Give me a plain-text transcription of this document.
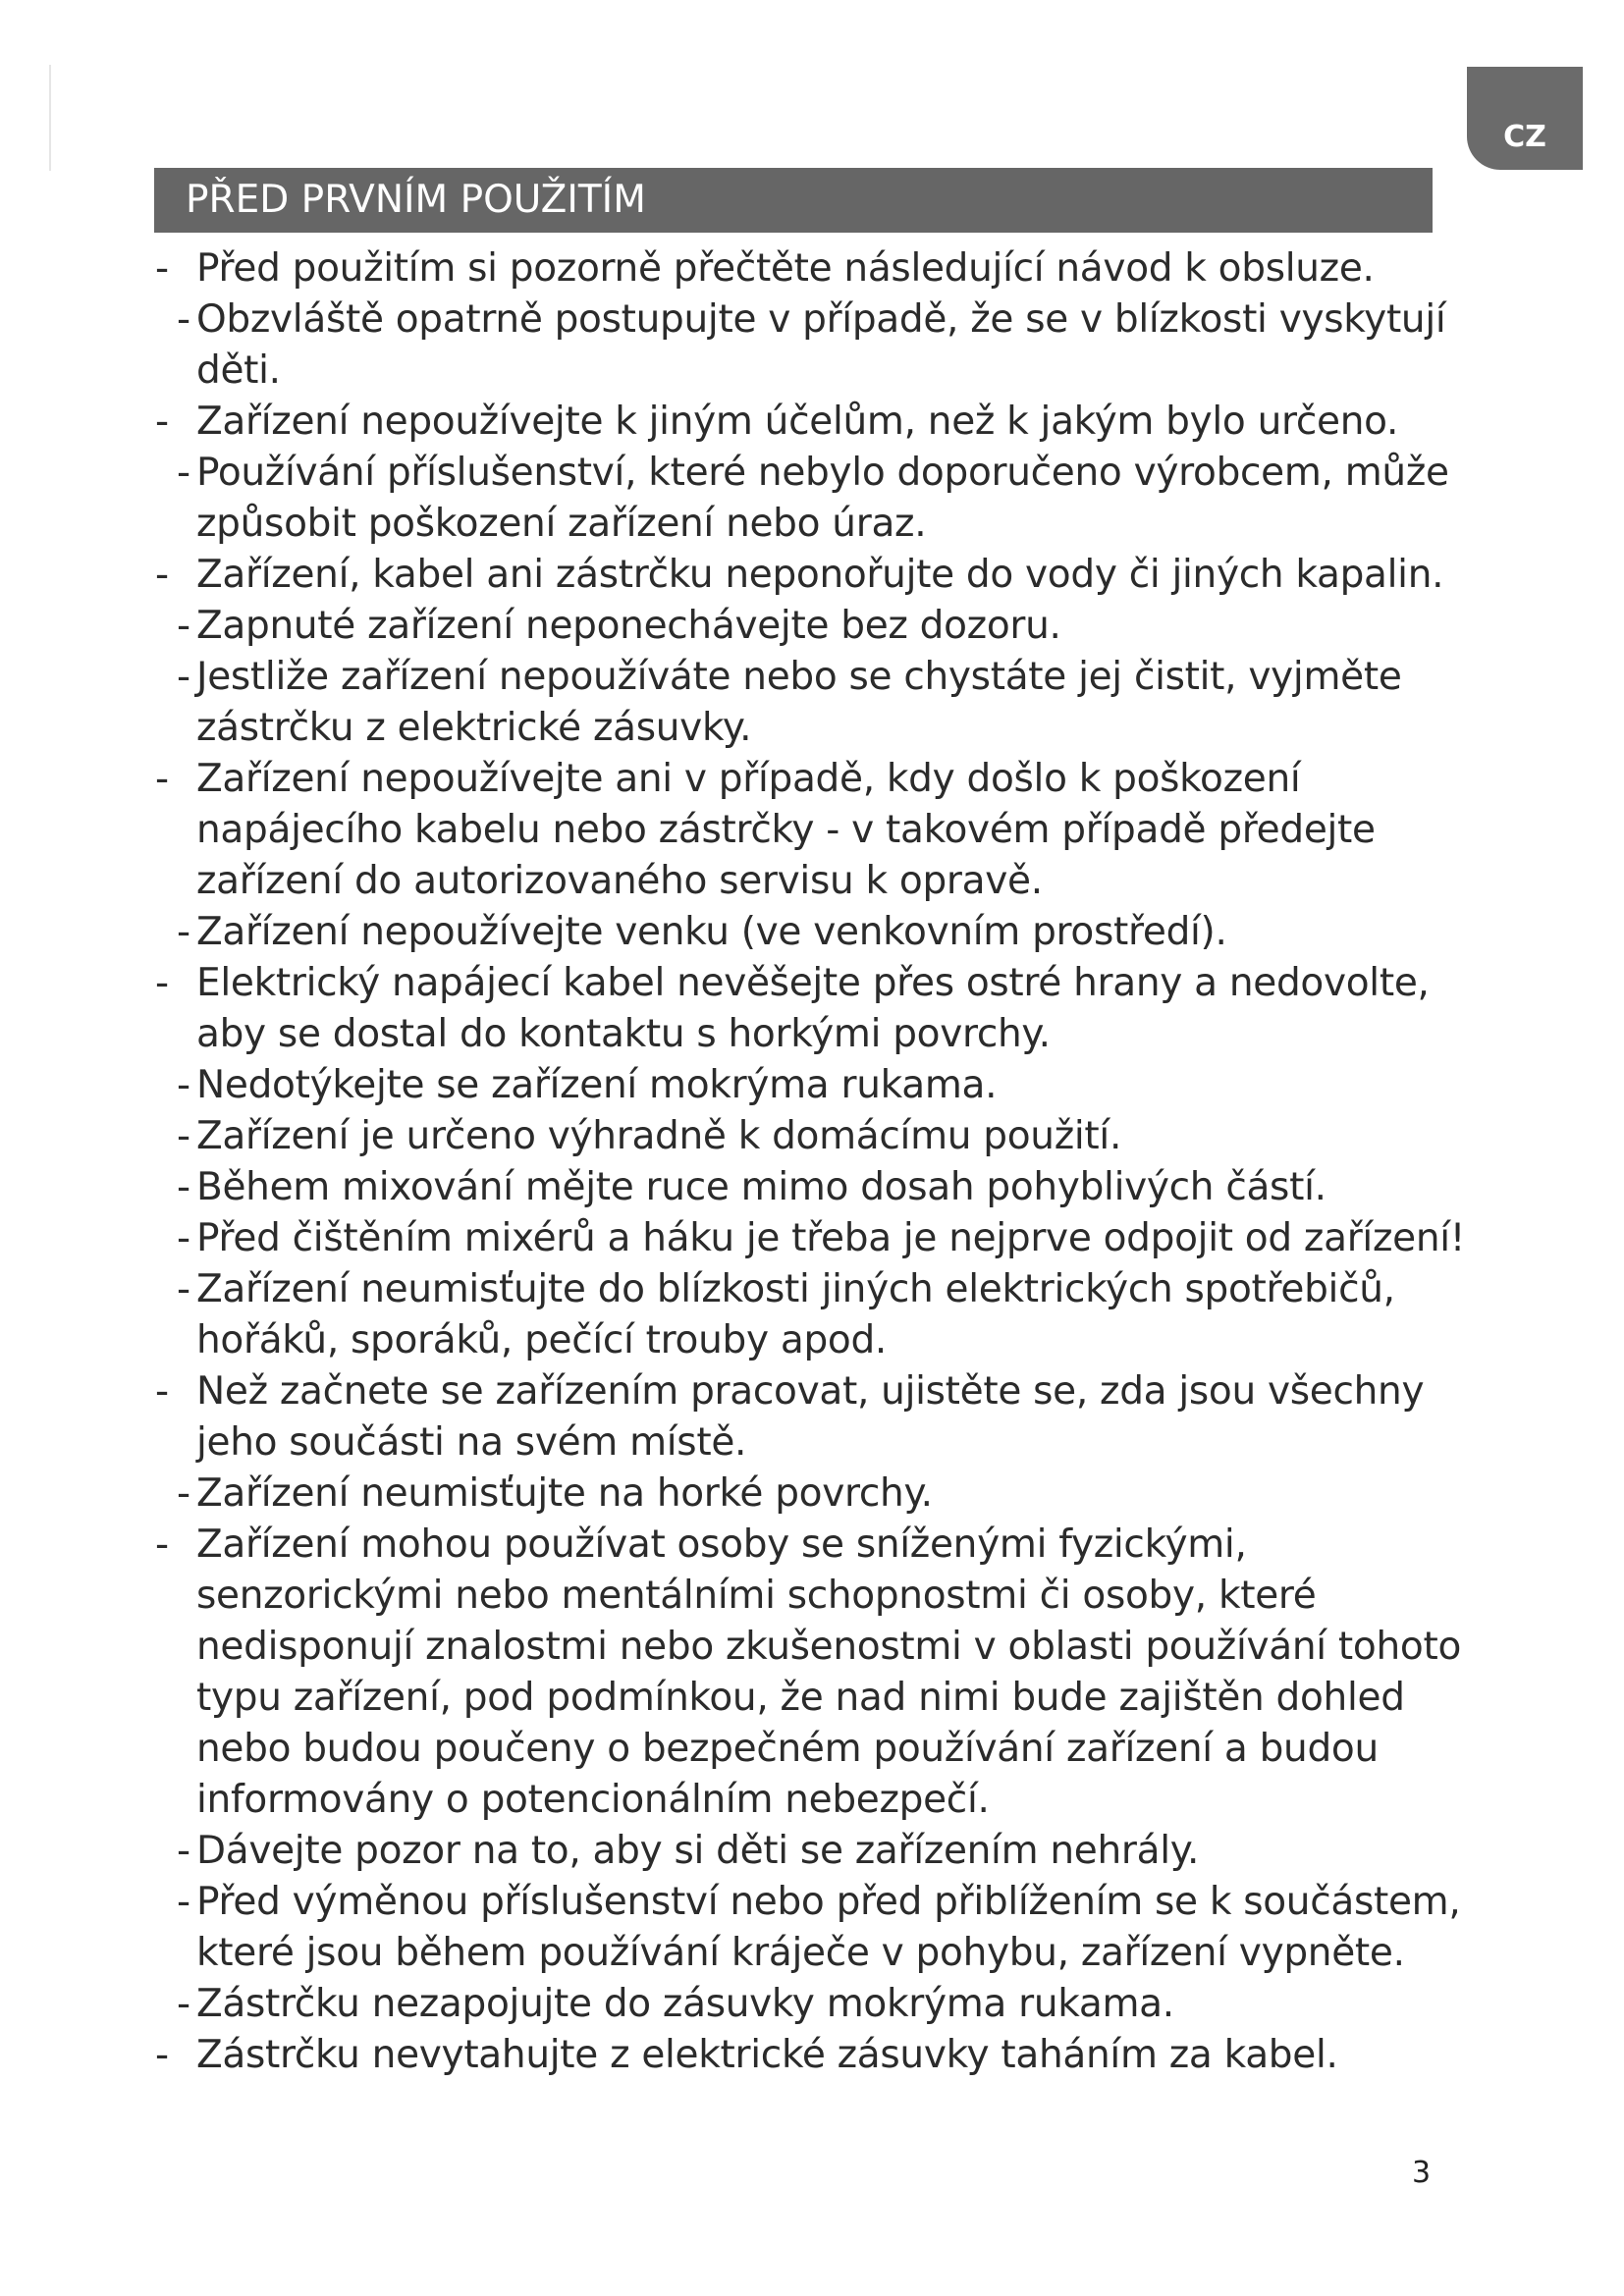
CZ
PŘED PRVNÍM POUŽITÍM
- Před použitím si pozorně přečtěte následující návod k obsluze.
- Obzvláště opatrně postupujte v případě, že se v blízkosti vyskytují děti.
- Zařízení nepoužívejte k jiným účelům, než k jakým bylo určeno.
- Používání příslušenství, které nebylo doporučeno výrobcem, může způsobit poškození zařízení nebo úraz.
- Zařízení, kabel ani zástrčku neponořujte do vody či jiných kapalin.
- Zapnuté zařízení neponechávejte bez dozoru.
- Jestliže zařízení nepoužíváte nebo se chystáte jej čistit, vyjměte zástrčku z elektrické zásuvky.
- Zařízení nepoužívejte ani v případě, kdy došlo k poškození napájecího kabelu nebo zástrčky - v takovém případě předejte zařízení do autorizovaného servisu k opravě.
- Zařízení nepoužívejte venku (ve venkovním prostředí).
- Elektrický napájecí kabel nevěšejte přes ostré hrany a nedovolte, aby se dostal do kontaktu s horkými povrchy.
- Nedotýkejte se zařízení mokrýma rukama.
- Zařízení je určeno výhradně k domácímu použití.
- Během mixování mějte ruce mimo dosah pohyblivých částí.
- Před čištěním mixérů a háku je třeba je nejprve odpojit od zařízení!
- Zařízení neumisťujte do blízkosti jiných elektrických spotřebičů, hořáků, sporáků, pečící trouby apod.
- Než začnete se zařízením pracovat, ujistěte se, zda jsou všechny jeho součásti na svém místě.
- Zařízení neumisťujte na horké povrchy.
- Zařízení mohou používat osoby se sníženými fyzickými, senzorickými nebo mentálními schopnostmi či osoby, které nedisponují znalostmi nebo zkušenostmi v oblasti používání tohoto typu zařízení, pod podmínkou, že nad nimi bude zajištěn dohled nebo budou poučeny o bezpečném používání zařízení a budou informovány o potencionálním nebezpečí.
- Dávejte pozor na to, aby si děti se zařízením nehrály.
- Před výměnou příslušenství nebo před přiblížením se k součástem, které jsou během používání kráječe v pohybu, zařízení vypněte.
- Zástrčku nezapojujte do zásuvky mokrýma rukama.
- Zástrčku nevytahujte z elektrické zásuvky taháním za kabel.
3
